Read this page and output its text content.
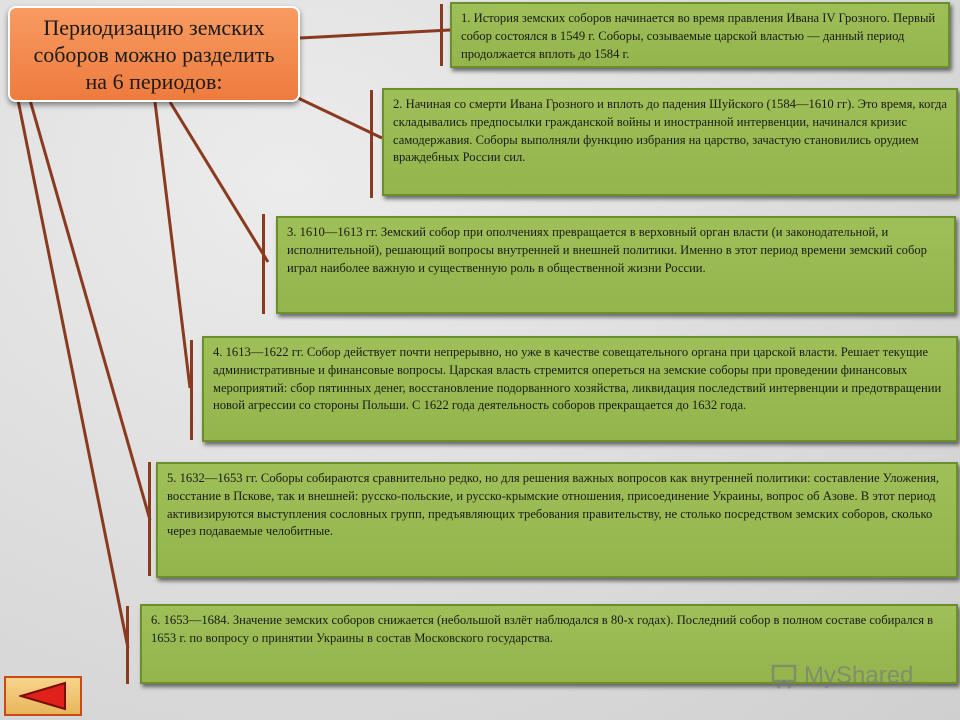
Периодизацию земских соборов можно разделить на 6 периодов:
1. История земских соборов начинается во время правления Ивана IV Грозного. Первый собор состоялся в 1549 г. Соборы, созываемые царской властью — данный период продолжается вплоть до 1584 г.
2. Начиная со смерти Ивана Грозного и вплоть до падения Шуйского (1584—1610 гг). Это время, когда складывались предпосылки гражданской войны и иностранной интервенции, начинался кризис самодержавия. Соборы выполняли функцию избрания на царство, зачастую становились орудием враждебных России сил.
3. 1610—1613 гг. Земский собор при ополчениях превращается в верховный орган власти (и законодательной, и исполнительной), решающий вопросы внутренней и внешней политики. Именно в этот период времени земский собор играл наиболее важную и существенную роль в общественной жизни России.
4. 1613—1622 гг. Собор действует почти непрерывно, но уже в качестве совещательного органа при царской власти. Решает текущие административные и финансовые вопросы. Царская власть стремится опереться на земские соборы при проведении финансовых мероприятий: сбор пятинных денег, восстановление подорванного хозяйства, ликвидация последствий интервенции и предотвращении новой агрессии со стороны Польши. С 1622 года деятельность соборов прекращается до 1632 года.
5. 1632—1653 гг. Соборы собираются сравнительно редко, но для решения важных вопросов как внутренней политики: составление Уложения, восстание в Пскове, так и внешней: русско-польские, и русско-крымские отношения, присоединение Украины, вопрос об Азове. В этот период активизируются выступления сословных групп, предъявляющих требования правительству, не столько посредством земских соборов, сколько через подаваемые челобитные.
6. 1653—1684. Значение земских соборов снижается (небольшой взлёт наблюдался в 80-х годах). Последний собор в полном составе собирался в 1653 г. по вопросу о принятии Украины в состав Московского государства.
MyShared
